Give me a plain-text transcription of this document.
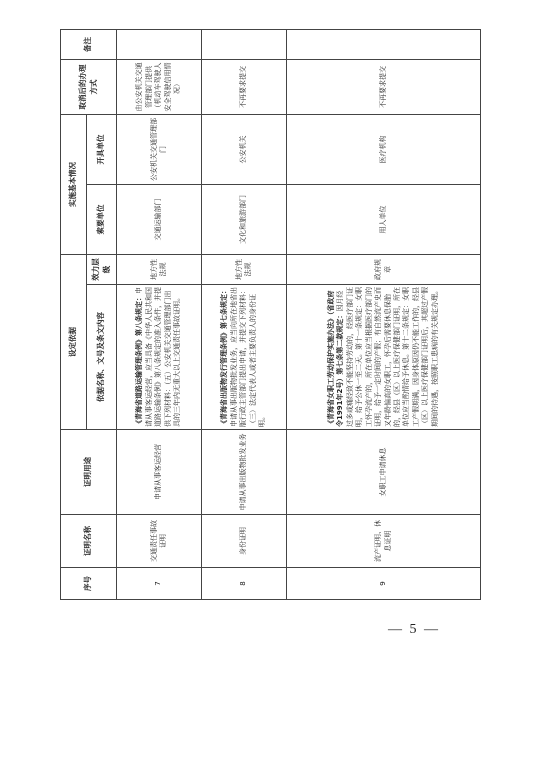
序号	证明名称	证明用途	设定依据		实施基本情况		取消后的办理方式	备注
			依据名称、文号及条文内容	效力层级	索要单位	开具单位		
7	交通责任事故证明	申请从事客运经营	《青海省道路运输管理条例》第八条规定：申请从事客运经营，应当具备《中华人民共和国道路运输条例》第八条规定的准入条件，并提供下列材料：（五）公安机关交通管理部门出具的三年内无重大以上交通责任事故证明。	地方性法规	交通运输部门	公安机关交通管理部门	由公安机关交通管理部门提供（机动车驾驶人安全驾驶信用情况）	
8	身份证明	申请从事出版物批发业务	《青海省出版物发行管理条例》第七条规定：申请从事出版物批发业务，应当向所在地省出版行政主管部门提出申请，并提交下列材料：（三）法定代表人或者主要负责人的身份证明。	地方性法规	文化和旅游部门	公安机关	不再要求提交	
9	流产证明、休息证明	女职工申请休息	《青海省女职工劳动保护实施办法》（省政府令1991年2号）第七条第二款规定：因月经过多或痛经致不能坚持劳动的，经医疗部门证明，给予公休一至二天。第十一条规定：女职工怀孕流产的，所在单位应当根据医疗部门的证明，给予一定时间的产假；有自然流产史而又年龄偏高的女职工，怀孕后需要休息保胎的，经县（区）以上医疗保健部门证明，所在单位应当酌情给予休息。第十二条规定：女职工产假期满，因身体原因仍不能工作的，经县（区）以上医疗保健部门证明后，其超过产假期间的待遇，按照职工患病的有关规定办理。	政府规章	用人单位	医疗机构	不再要求提交	
— 5 —
